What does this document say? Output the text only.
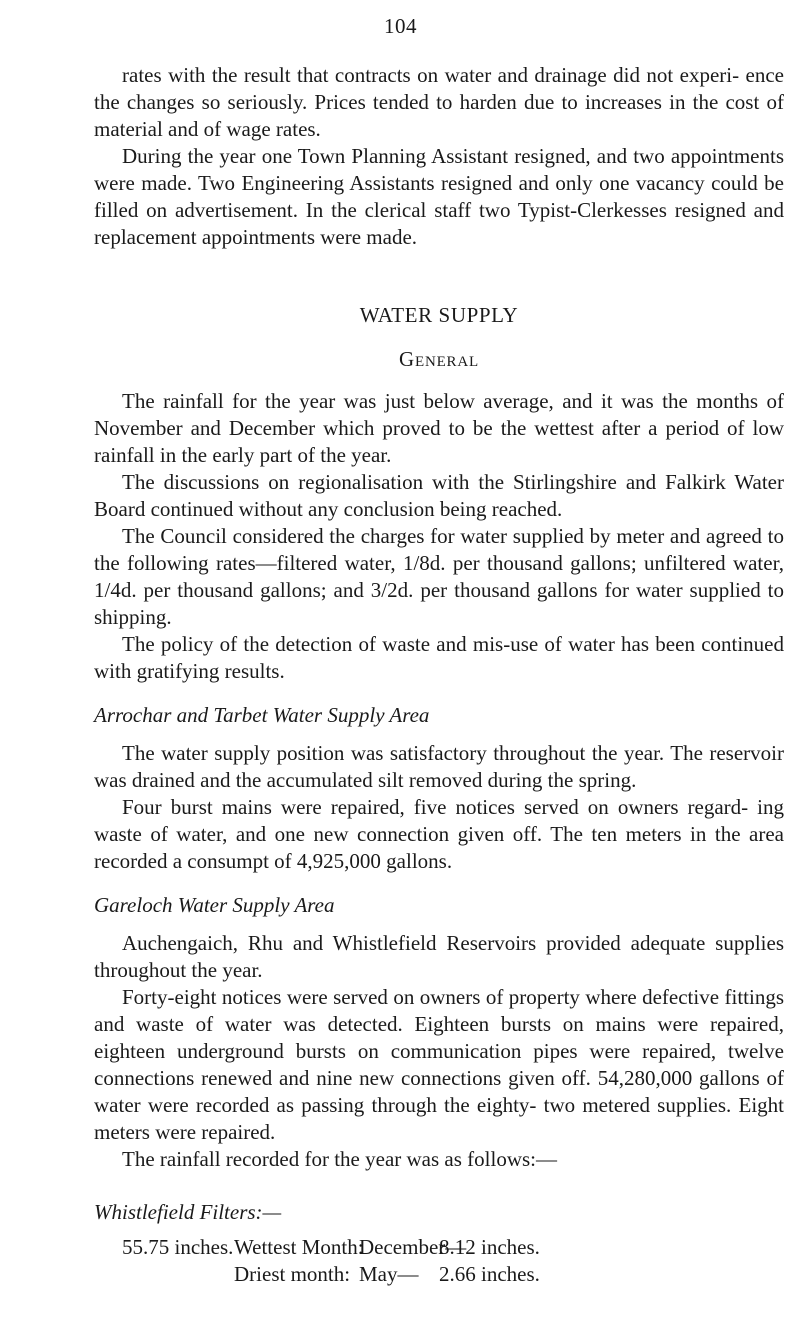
104

rates with the result that contracts on water and drainage did not experi- ence the changes so seriously. Prices tended to harden due to increases in the cost of material and of wage rates.

During the year one Town Planning Assistant resigned, and two appointments were made. Two Engineering Assistants resigned and only one vacancy could be filled on advertisement. In the clerical staff two Typist-Clerkesses resigned and replacement appointments were made.

WATER SUPPLY
General

The rainfall for the year was just below average, and it was the months of November and December which proved to be the wettest after a period of low rainfall in the early part of the year.

The discussions on regionalisation with the Stirlingshire and Falkirk Water Board continued without any conclusion being reached.

The Council considered the charges for water supplied by meter and agreed to the following rates—filtered water, 1/8d. per thousand gallons; unfiltered water, 1/4d. per thousand gallons; and 3/2d. per thousand gallons for water supplied to shipping.

The policy of the detection of waste and mis-use of water has been continued with gratifying results.

Arrochar and Tarbet Water Supply Area

The water supply position was satisfactory throughout the year. The reservoir was drained and the accumulated silt removed during the spring.

Four burst mains were repaired, five notices served on owners regard- ing waste of water, and one new connection given off. The ten meters in the area recorded a consumpt of 4,925,000 gallons.

Gareloch Water Supply Area

Auchengaich, Rhu and Whistlefield Reservoirs provided adequate supplies throughout the year.

Forty-eight notices were served on owners of property where defective fittings and waste of water was detected. Eighteen bursts on mains were repaired, eighteen underground bursts on communication pipes were repaired, twelve connections renewed and nine new connections given off. 54,280,000 gallons of water were recorded as passing through the eighty- two metered supplies. Eight meters were repaired.

The rainfall recorded for the year was as follows:—

Whistlefield Filters:—
55.75 inches. Wettest Month:
December—
8.12 inches.
Driest month: May— 2.66 inches.
